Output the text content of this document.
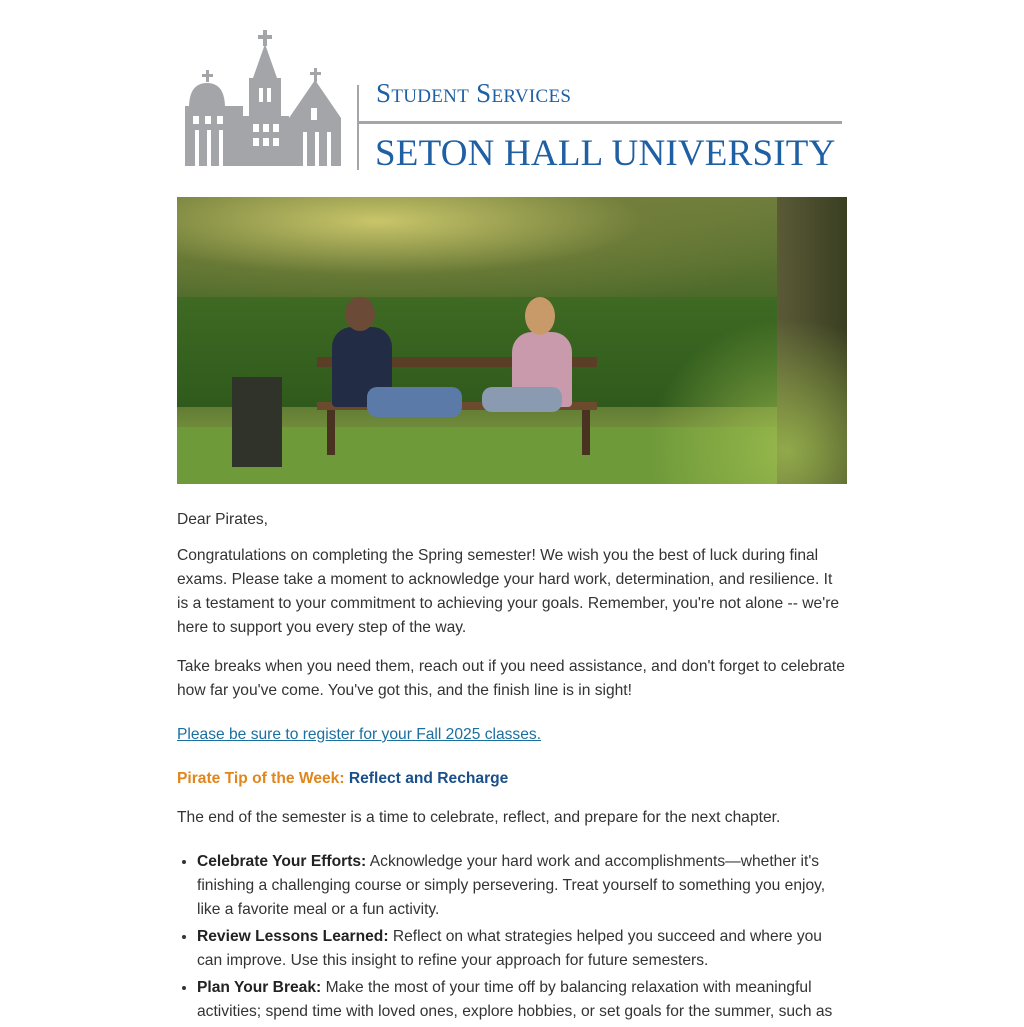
Student Services
SETON HALL UNIVERSITY

Dear Pirates,

Congratulations on completing the Spring semester! We wish you the best of luck during final exams. Please take a moment to acknowledge your hard work, determination, and resilience. It is a testament to your commitment to achieving your goals. Remember, you're not alone -- we're here to support you every step of the way.

Take breaks when you need them, reach out if you need assistance, and don't forget to celebrate how far you've come. You've got this, and the finish line is in sight!

Please be sure to register for your Fall 2025 classes.

Pirate Tip of the Week: Reflect and Recharge

The end of the semester is a time to celebrate, reflect, and prepare for the next chapter.

• Celebrate Your Efforts: Acknowledge your hard work and accomplishments—whether it's finishing a challenging course or simply persevering. Treat yourself to something you enjoy, like a favorite meal or a fun activity.
• Review Lessons Learned: Reflect on what strategies helped you succeed and where you can improve. Use this insight to refine your approach for future semesters.
• Plan Your Break: Make the most of your time off by balancing relaxation with meaningful activities; spend time with loved ones, explore hobbies, or set goals for the summer, such as
